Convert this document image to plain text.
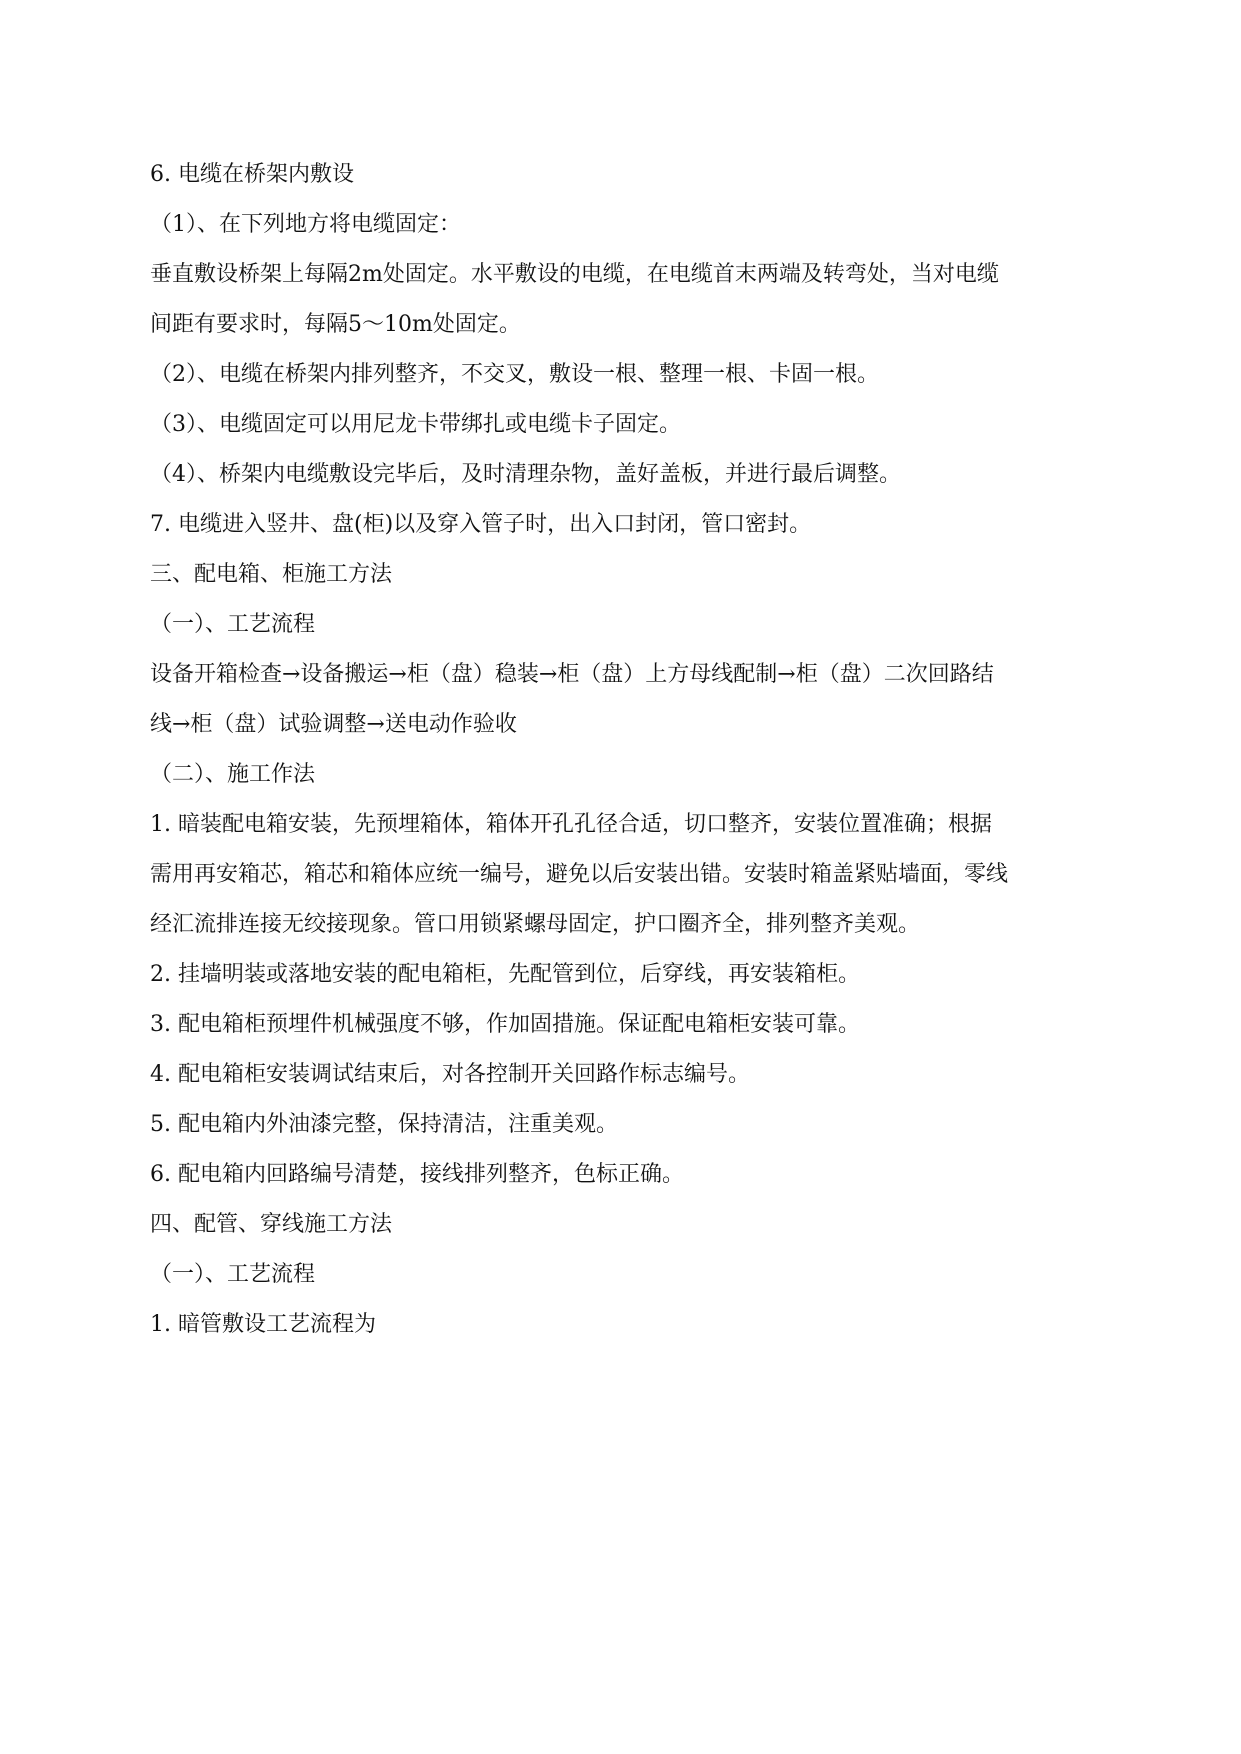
6. 电缆在桥架内敷设

（1）、在下列地方将电缆固定：

垂直敷设桥架上每隔2m处固定。水平敷设的电缆，在电缆首末两端及转弯处，当对电缆

间距有要求时，每隔5～10m处固定。

（2）、电缆在桥架内排列整齐，不交叉，敷设一根、整理一根、卡固一根。

（3）、电缆固定可以用尼龙卡带绑扎或电缆卡子固定。

（4）、桥架内电缆敷设完毕后，及时清理杂物，盖好盖板，并进行最后调整。

7. 电缆进入竖井、盘(柜)以及穿入管子时，出入口封闭，管口密封。

三、配电箱、柜施工方法

（一）、工艺流程

设备开箱检查→设备搬运→柜（盘）稳装→柜（盘）上方母线配制→柜（盘）二次回路结

线→柜（盘）试验调整→送电动作验收

（二）、施工作法

1. 暗装配电箱安装，先预埋箱体，箱体开孔孔径合适，切口整齐，安装位置准确；根据

需用再安箱芯，箱芯和箱体应统一编号，避免以后安装出错。安装时箱盖紧贴墙面，零线

经汇流排连接无绞接现象。管口用锁紧螺母固定，护口圈齐全，排列整齐美观。

2. 挂墙明装或落地安装的配电箱柜，先配管到位，后穿线，再安装箱柜。

3. 配电箱柜预埋件机械强度不够，作加固措施。保证配电箱柜安装可靠。

4. 配电箱柜安装调试结束后，对各控制开关回路作标志编号。

5. 配电箱内外油漆完整，保持清洁，注重美观。

6. 配电箱内回路编号清楚，接线排列整齐，色标正确。

四、配管、穿线施工方法

（一）、工艺流程

1. 暗管敷设工艺流程为
